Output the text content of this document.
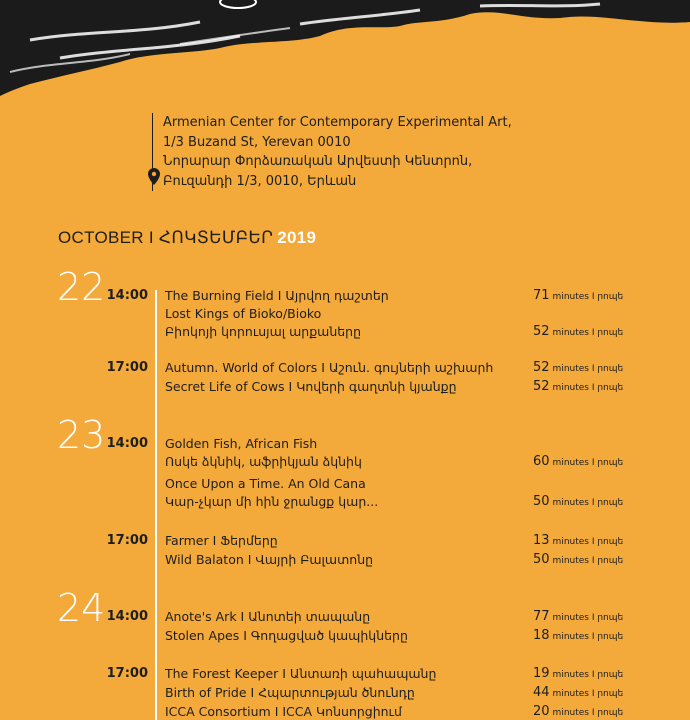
Armenian Center for Contemporary Experimental Art,
1/3 Buzand St, Yerevan 0010
Նորարար Փորձառական Արվեստի Կենտրոն,
Բուզանդի 1/3, 0010, Երևան
OCTOBER I ՀՈԿՏԵՄԲԵՐ 2019
22 14:00 The Burning Field I Այրվող դաշտեր	71 minutes I րոպե
Lost Kings of Bioko/Bioko
Բիոկոյի կորուսյալ արքաները	52 minutes I րոպե
17:00 Autumn. World of Colors I Աշուն. գույների աշխարհ	52 minutes I րոպե
Secret Life of Cows I Կովերի գաղտնի կյանքը	52 minutes I րոպե
23 14:00 Golden Fish, African Fish
Ոսկե ձկնիկ, աֆրիկյան ձկնիկ	60 minutes I րոպե
Once Upon a Time. An Old Cana
Կար-չկար մի հին ջրանցք կար...	50 minutes I րոպե
17:00 Farmer I Ֆերմերը	13 minutes I րոպե
Wild Balaton I Վայրի Բալատոնը	50 minutes I րոպե
24 14:00 Anote's Ark I Անոտեի տապանը	77 minutes I րոպե
Stolen Apes I Գողացված կապիկները	18 minutes I րոպե
17:00 The Forest Keeper I Անտառի պահապանը	19 minutes I րոպե
Birth of Pride I Հպարտության ծնունդը	44 minutes I րոպե
ICCA Consortium I ICCA Կոնսորցիում	20 minutes I րոպե
